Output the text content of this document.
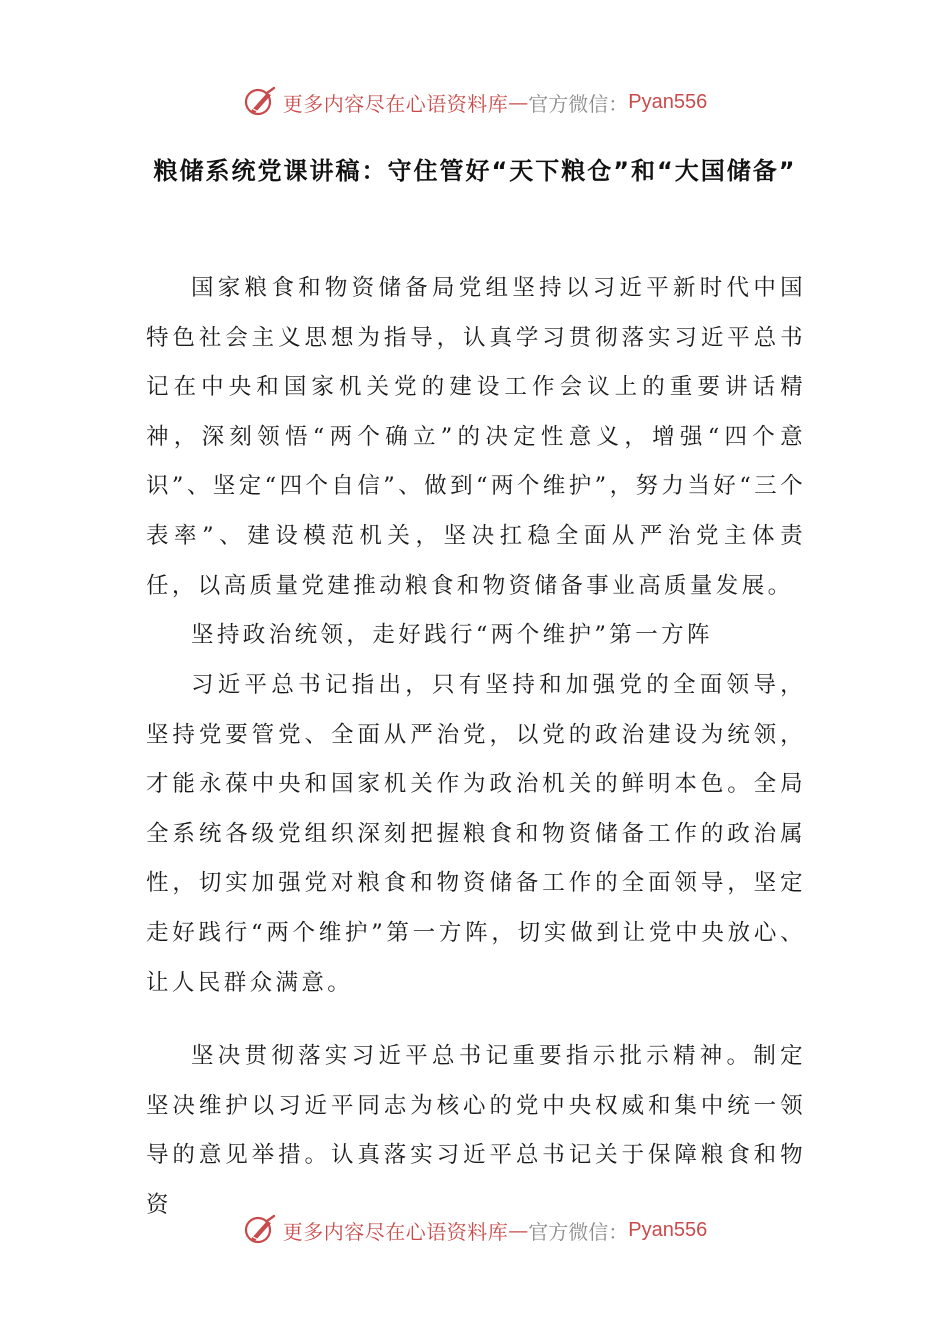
更多内容尽在心语资料库 — 官方微信： Pyan556
粮储系统党课讲稿：守住管好“天下粮仓”和“大国储备”

国家粮食和物资储备局党组坚持以习近平新时代中国特色社会主义思想为指导，认真学习贯彻落实习近平总书记在中央和国家机关党的建设工作会议上的重要讲话精神，深刻领悟“两个确立”的决定性意义，增强“四个意识”、坚定“四个自信”、做到“两个维护”，努力当好“三个表率”、建设模范机关，坚决扛稳全面从严治党主体责任，以高质量党建推动粮食和物资储备事业高质量发展。

坚持政治统领，走好践行“两个维护”第一方阵

习近平总书记指出，只有坚持和加强党的全面领导，坚持党要管党、全面从严治党，以党的政治建设为统领，才能永葆中央和国家机关作为政治机关的鲜明本色。全局全系统各级党组织深刻把握粮食和物资储备工作的政治属性，切实加强党对粮食和物资储备工作的全面领导，坚定走好践行“两个维护”第一方阵，切实做到让党中央放心、让人民群众满意。

坚决贯彻落实习近平总书记重要指示批示精神。制定坚决维护以习近平同志为核心的党中央权威和集中统一领导的意见举措。认真落实习近平总书记关于保障粮食和物资

更多内容尽在心语资料库 — 官方微信： Pyan556
